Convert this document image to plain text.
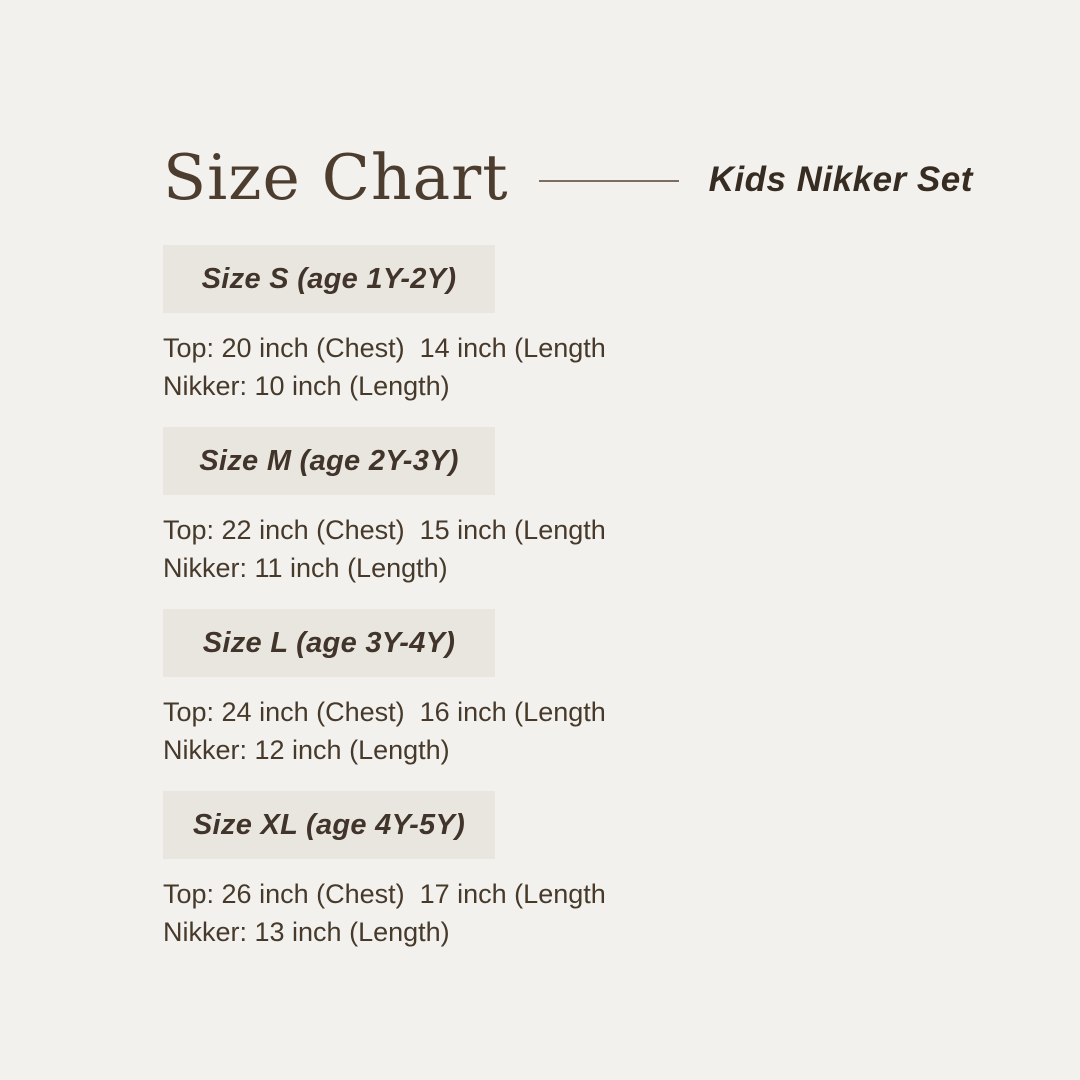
Size Chart	Kids Nikker Set
Size S (age 1Y-2Y)

Top: 20 inch (Chest)  14 inch (Length

Nikker: 10 inch (Length)

Size M (age 2Y-3Y)

Top: 22 inch (Chest)  15 inch (Length

Nikker: 11 inch (Length)

Size L (age 3Y-4Y)

Top: 24 inch (Chest)  16 inch (Length

Nikker: 12 inch (Length)

Size XL (age 4Y-5Y)

Top: 26 inch (Chest)  17 inch (Length

Nikker: 13 inch (Length)
